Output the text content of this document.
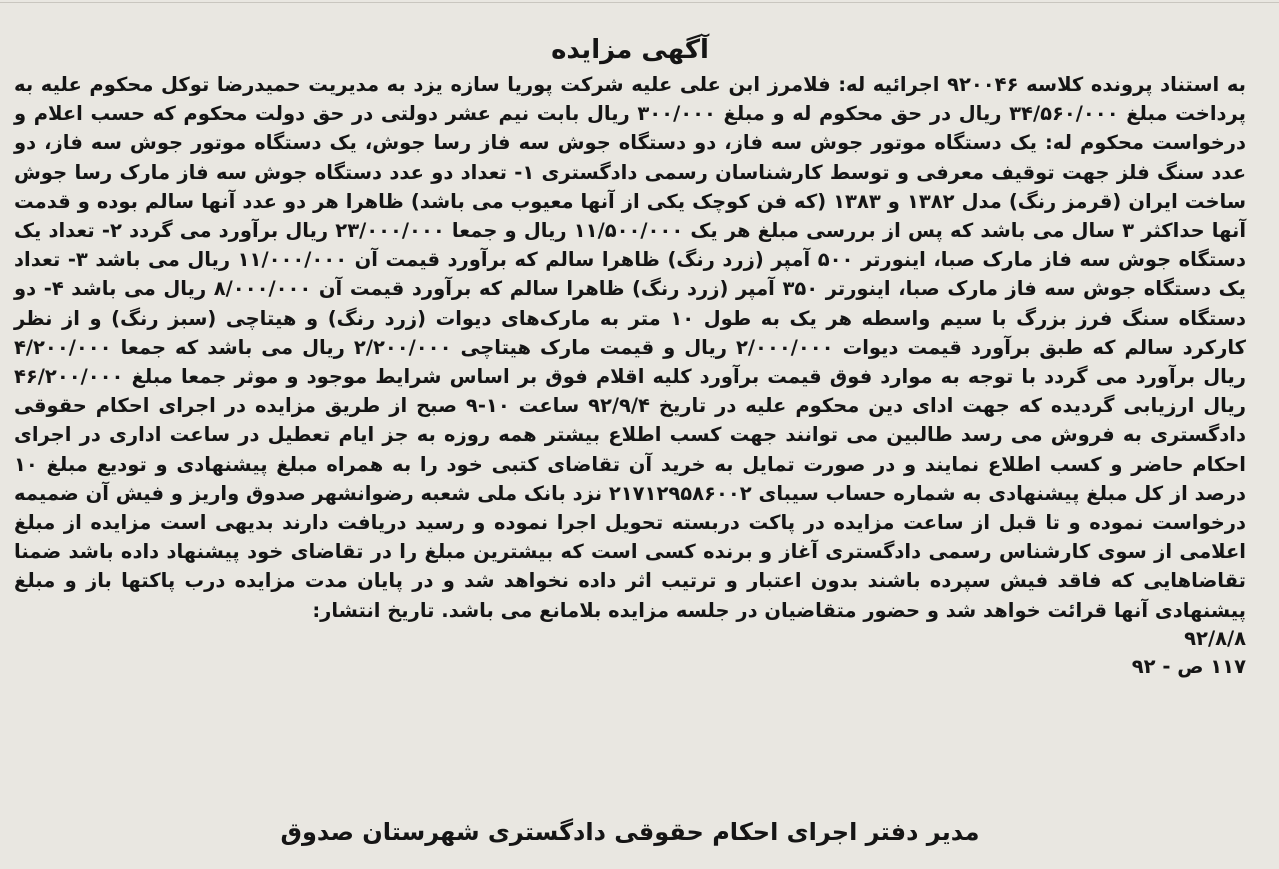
آگهی مزایده

به استناد پرونده کلاسه ۹۲۰۰۴۶ اجرائیه له: فلامرز ابن علی علیه شرکت پوریا سازه یزد به مدیریت حمیدرضا توکل محکوم علیه به پرداخت مبلغ ۳۴/۵۶۰/۰۰۰ ریال در حق محکوم له و مبلغ ۳۰۰/۰۰۰ ریال بابت نیم عشر دولتی در حق دولت محکوم که حسب اعلام و درخواست محکوم له: یک دستگاه موتور جوش سه فاز، دو دستگاه جوش سه فاز رسا جوش، یک دستگاه موتور جوش سه فاز، دو عدد سنگ فلز جهت توقیف معرفی و توسط کارشناسان رسمی دادگستری ۱- تعداد دو عدد دستگاه جوش سه فاز مارک رسا جوش ساخت ایران (قرمز رنگ) مدل ۱۳۸۲ و ۱۳۸۳ (که فن کوچک یکی از آنها معیوب می باشد) ظاهرا هر دو عدد آنها سالم بوده و قدمت آنها حداکثر ۳ سال می باشد که پس از بررسی مبلغ هر یک ۱۱/۵۰۰/۰۰۰ ریال و جمعا ۲۳/۰۰۰/۰۰۰ ریال برآورد می گردد ۲- تعداد یک دستگاه جوش سه فاز مارک صبا، اینورتر ۵۰۰ آمپر (زرد رنگ) ظاهرا سالم که برآورد قیمت آن ۱۱/۰۰۰/۰۰۰ ریال می باشد ۳- تعداد یک دستگاه جوش سه فاز مارک صبا، اینورتر ۳۵۰ آمپر (زرد رنگ) ظاهرا سالم که برآورد قیمت آن ۸/۰۰۰/۰۰۰ ریال می باشد ۴- دو دستگاه سنگ فرز بزرگ با سیم واسطه هر یک به طول ۱۰ متر به مارک‌های دیوات (زرد رنگ) و هیتاچی (سبز رنگ) و از نظر کارکرد سالم که طبق برآورد قیمت دیوات ۲/۰۰۰/۰۰۰ ریال و قیمت مارک هیتاچی ۲/۲۰۰/۰۰۰ ریال می باشد که جمعا ۴/۲۰۰/۰۰۰ ریال برآورد می گردد با توجه به موارد فوق قیمت برآورد کلیه اقلام فوق بر اساس شرایط موجود و موثر جمعا مبلغ ۴۶/۲۰۰/۰۰۰ ریال ارزیابی گردیده که جهت ادای دین محکوم علیه در تاریخ ۹۲/۹/۴ ساعت ۱۰-۹ صبح از طریق مزایده در اجرای احکام حقوقی دادگستری به فروش می رسد طالبین می توانند جهت کسب اطلاع بیشتر همه روزه به جز ایام تعطیل در ساعت اداری در اجرای احکام حاضر و کسب اطلاع نمایند و در صورت تمایل به خرید آن تقاضای کتبی خود را به همراه مبلغ پیشنهادی و تودیع مبلغ ۱۰ درصد از کل مبلغ پیشنهادی به شماره حساب سیبای ۲۱۷۱۲۹۵۸۶۰۰۲ نزد بانک ملی شعبه رضوانشهر صدوق واریز و فیش آن ضمیمه درخواست نموده و تا قبل از ساعت مزایده در پاکت دربسته تحویل اجرا نموده و رسید دریافت دارند بدیهی است مزایده از مبلغ اعلامی از سوی کارشناس رسمی دادگستری آغاز و برنده کسی است که بیشترین مبلغ را در تقاضای خود پیشنهاد داده باشد ضمنا تقاضاهایی که فاقد فیش سپرده باشند بدون اعتبار و ترتیب اثر داده نخواهد شد و در پایان مدت مزایده درب پاکتها باز و مبلغ پیشنهادی آنها قرائت خواهد شد و حضور متقاضیان در جلسه مزایده بلامانع می باشد. تاریخ انتشار:

۹۲/۸/۸

۱۱۷ ص - ۹۲

مدیر دفتر اجرای احکام حقوقی دادگستری شهرستان صدوق
